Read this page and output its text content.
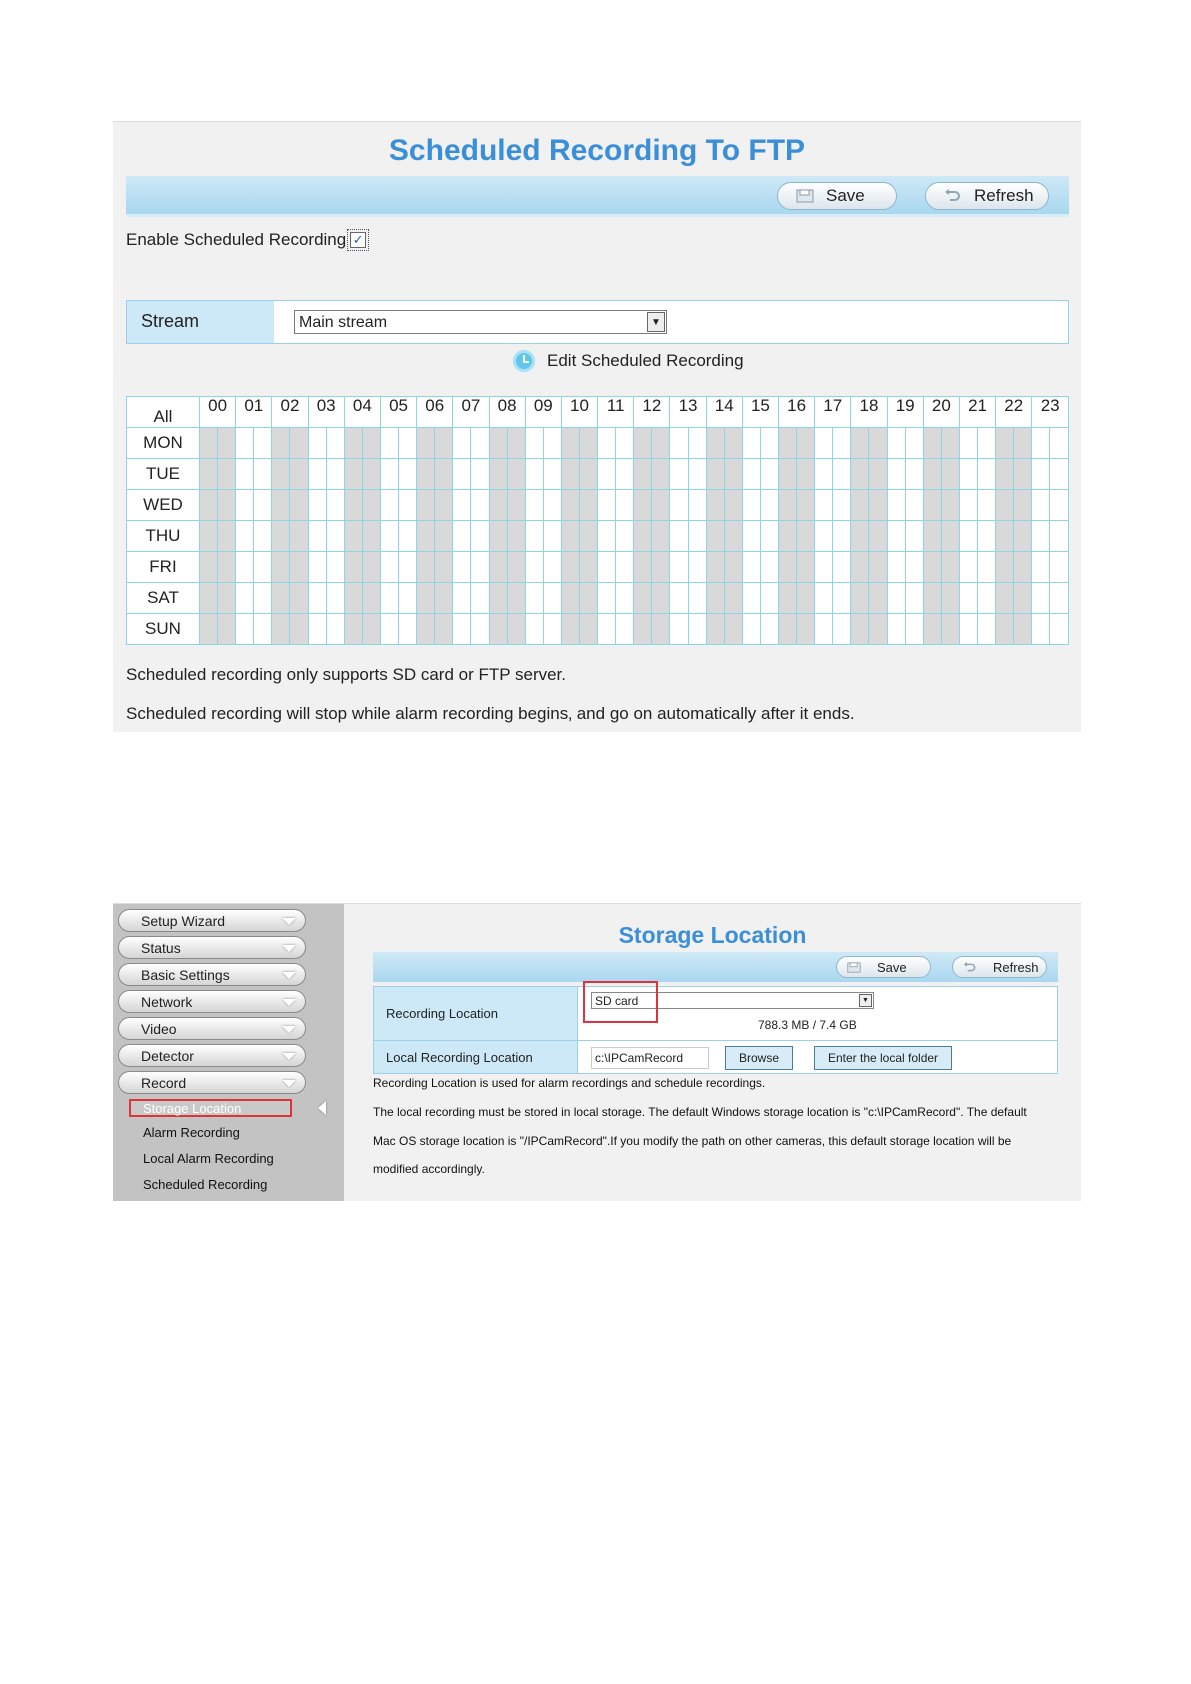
Scheduled Recording To FTP
Save	Refresh
Enable Scheduled Recording ✓
Stream	Main stream	▼
Edit Scheduled Recording
All	00		01		02		03		04		05		06		07		08		09		10		11		12		13		14		15		16		17		18		19		20		21		22		23	
MON																																																
TUE																																																
WED																																																
THU																																																
FRI																																																
SAT																																																
SUN																																																
Scheduled recording only supports SD card or FTP server.
Scheduled recording will stop while alarm recording begins‚ and go on automatically after it ends.
Setup Wizard
Status
Basic Settings
Network
Video
Detector
Record
Storage Location
Alarm Recording
Local Alarm Recording
Scheduled Recording
Storage Location
Save	Refresh
Recording Location	SD card ▼
788.3 MB / 7.4 GB

Local Recording Location	c:\IPCamRecord Browse Enter the local folder
Recording Location is used for alarm recordings and schedule recordings.
The local recording must be stored in local storage. The default Windows storage location is "c:\IPCamRecord". The default
Mac OS storage location is "/IPCamRecord".If you modify the path on other cameras, this default storage location will be
modified accordingly.
